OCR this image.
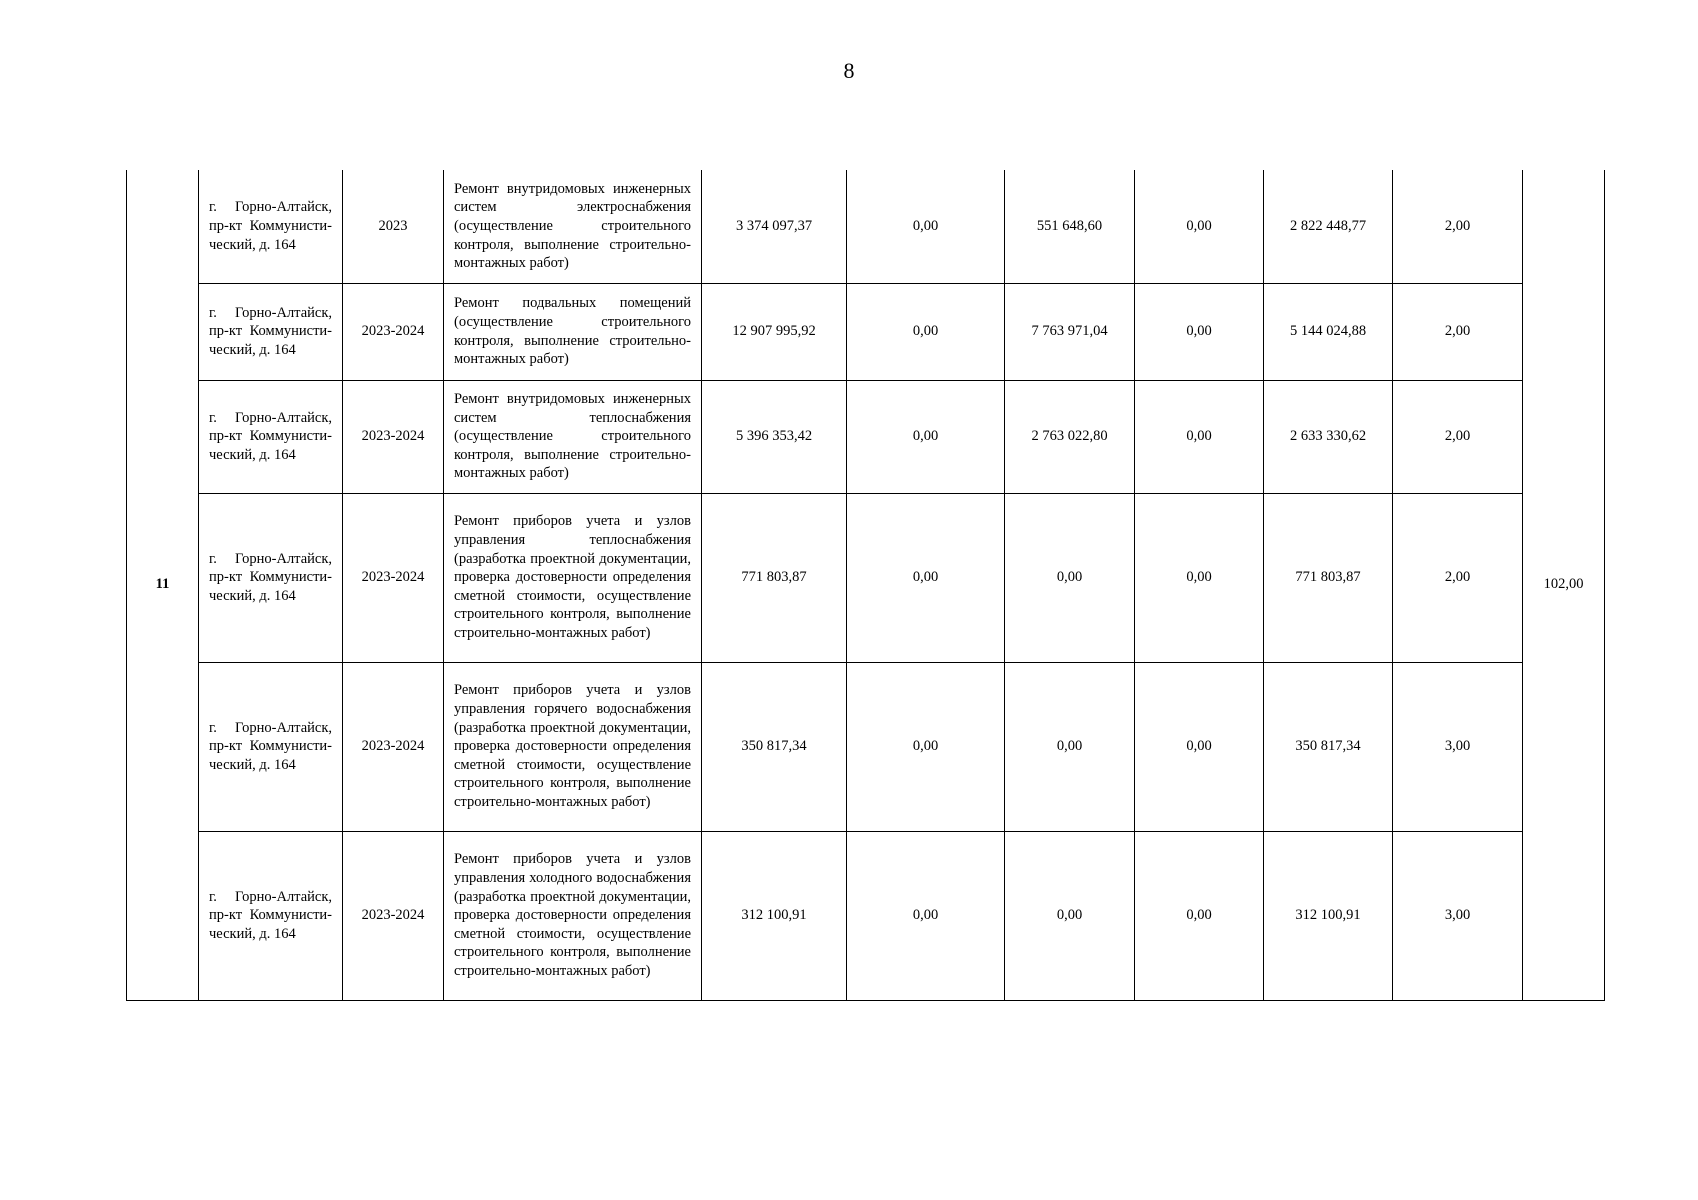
8
11	г. Горно-Алтайск, пр-кт Коммунисти-ческий, д. 164	2023	Ремонт внутридомовых инженерных систем электроснабжения (осуществление строительного контроля, выполнение строительно-монтажных работ)	3 374 097,37	0,00	551 648,60	0,00	2 822 448,77	2,00	102,00
	г. Горно-Алтайск, пр-кт Коммунисти-ческий, д. 164	2023-2024	Ремонт подвальных помещений (осуществление строительного контроля, выполнение строительно-монтажных работ)	12 907 995,92	0,00	7 763 971,04	0,00	5 144 024,88	2,00	
	г. Горно-Алтайск, пр-кт Коммунисти-ческий, д. 164	2023-2024	Ремонт внутридомовых инженерных систем теплоснабжения (осуществление строительного контроля, выполнение строительно-монтажных работ)	5 396 353,42	0,00	2 763 022,80	0,00	2 633 330,62	2,00	
	г. Горно-Алтайск, пр-кт Коммунисти-ческий, д. 164	2023-2024	Ремонт приборов учета и узлов управления теплоснабжения (разработка проектной документации, проверка достоверности определения сметной стоимости, осуществление строительного контроля, выполнение строительно-монтажных работ)	771 803,87	0,00	0,00	0,00	771 803,87	2,00	
	г. Горно-Алтайск, пр-кт Коммунисти-ческий, д. 164	2023-2024	Ремонт приборов учета и узлов управления горячего водоснабжения (разработка проектной документации, проверка достоверности определения сметной стоимости, осуществление строительного контроля, выполнение строительно-монтажных работ)	350 817,34	0,00	0,00	0,00	350 817,34	3,00	
	г. Горно-Алтайск, пр-кт Коммунисти-ческий, д. 164	2023-2024	Ремонт приборов учета и узлов управления холодного водоснабжения (разработка проектной документации, проверка достоверности определения сметной стоимости, осуществление строительного контроля, выполнение строительно-монтажных работ)	312 100,91	0,00	0,00	0,00	312 100,91	3,00	
